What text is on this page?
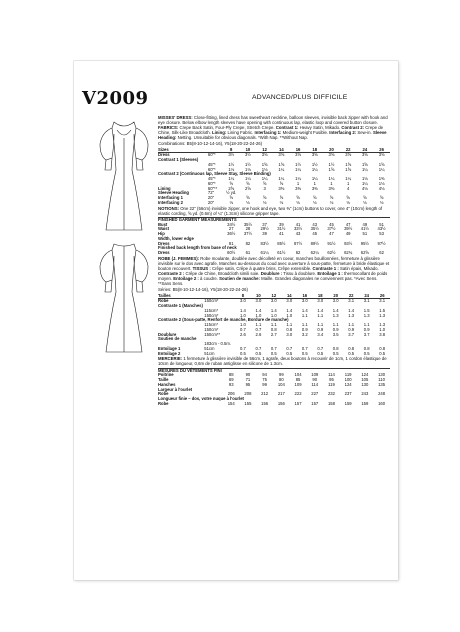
V2009	ADVANCED/PLUS DIFFICILE

MISSES' DRESS: Close-fitting, lined dress has sweetheart neckline, balloon sleeves, invisible back zipper with hook and eye closure. Below elbow length sleeves have opening with continuous lap, elastic loop and covered button closure. FABRICS: Crepe Back Satin, Four-Ply Crepe, Stretch Crepe. Contrast 1: Heavy Satin, Mikado. Contrast 2: Crepe de Chine, Silk-Like Broadcloth. Lining: Lining Fabric. Interfacing 1: Medium-weight Fusible. Interfacing 2: Sew-in. Sleeve Heading: Netting. Unsuitable for obvious diagonals. *With Nap. **Without Nap.

Combinations: B5(8-10-12-14-16), Y5(18-20-22-24-26)

Sizes		8	10	12	14	16	18	20	22	24	26
Dress	60"*	3½	3½	3⅝	3⅝	3⅝	3⅝	3⅝	3⅝	3⅝	3⅝
Contrast 1 (Sleeves)											
	45"*	1½	1½	1⅝	1⅝	1½	1½	1½	1⅝	1⅝	1⅝
	60"*	1⅛	1⅛	1⅛	1¼	1¼	1¼	1⅝	1⅝	1¼	1¼
Contrast 2 (Continuous lap, Sleeve Stay, Sleeve Binding)											
	45"*	1¼	1¼	1¼	1¼	1¼	1¼	1¼	1¼	1⅛	1⅜
	60"*	⅝	⅝	⅝	⅝	1	1	1	1	1¼	1⅛
Lining	60"**	2⅝	2⅝	3	3⅜	3⅜	3⅜	3⅜	4	4⅛	4⅛
Sleeve Heading	72"	½ yd.									
Interfacing 1	20"	⅝	⅝	⅝	⅝	⅝	⅝	⅝	⅝	⅝	⅝
Interfacing 2	20"	⅛	⅛	⅛	⅛	⅛	⅛	⅛	⅛	⅛	⅛

NOTIONS: One 22" (56cm) invisible zipper, one hook and eye, two ⅜" (1cm) buttons to cover, one 4" (10cm) length of elastic cording, ⅝ yd. (0.6m) of ¼" (1.3cm) silicone gripper tape.

FINISHED GARMENT MEASUREMENTS											
Bust		34½	35½	37	39	41	43	45	47	49	51
Waist		27	28	29½	31½	33½	35½	37½	39½	41½	43½
Hip		36½	37½	39	41	43	45	47	49	51	53
Width, lower edge											
Dress		81	82	83½	85½	87½	89½	91½	93½	95½	97½
Finished back length from base of neck											
Dress		60½	61	61¼	61½	62	62¼	62½	62¾	62⅝	62

ROBE (J. FEMMES): Robe moulante, doublée avec décolleté en coeur, manches bouillonnées, fermeture à glissière invisible sur le dos avec agrafe. Manches au-dessous du coud avec ouverture à sous-patte, fermeture à bride élastique et bouton recouvert. TISSUS : Crêpe satin, Crêpe à quatre brins, Crêpe extensible. Contraste 1 : Satin épais, Mikado. Contraste 2 : Crêpe de Chine, Broadcloth simili soie. Doublure : Tissu à doublure. Entoilage 1 : thermocollant de poids moyen. Entoilage 2 : à coudre. Soutien de manche: Maille. Grandes diagonales ne conviennent pas. *Avec Sens. **Sans Sens.

Séries: B5(8-10-12-14-16), Y5(18-20-22-24-26)

Tailles		8	10	12	14	16	18	20	22	24	26
Robe	150cm*	3.0	3.0	3.0	3.0	3.0	3.0	3.0	3.1	3.1	3.1
Contraste 1 (Manches)											
	115cm*	1.4	1.4	1.4	1.4	1.4	1.4	1.4	1.4	1.5	1.5
	150cm*	1.0	1.0	1.0	1.0	1.1	1.1	1.3	1.3	1.3	1.3
Contraste 2 (Sous-patte, Renfort de manche, Bordure de manche)											
	115cm*	1.0	1.1	1.1	1.1	1.1	1.1	1.1	1.1	1.1	1.3
	150cm*	0.7	0.7	0.8	0.8	0.9	0.9	0.9	0.9	0.9	1.0
Doublure	150cm**	2.6	2.6	2.7	3.0	3.2	3.4	3.5	3.7	3.7	3.8
Soutien de manche											
	183cm - 0.5m.										
Entoilage 1	51cm	0.7	0.7	0.7	0.7	0.7	0.7	0.8	0.8	0.8	0.8
Entoilage 2	51cm	0.5	0.5	0.5	0.5	0.5	0.5	0.5	0.5	0.5	0.5

MERCERIE: 1 fermeture à glissière invisible de 56cm, 1 agrafe, deux boutons à recouvrir de 1cm, 1 cordon élastique de 10cm de longueur, 0,6m de ruban antiglisse en silicone de 1.3cm.

MESURES DU VÊTEMENTS FINI											
Poitrine		88	90	94	99	104	109	114	119	124	130
Taille		69	71	75	80	85	90	95	100	105	110
Hanches		93	95	99	104	109	114	119	124	130	135
Largeur à l'ourlet											
Robe		206	208	212	217	222	227	232	237	243	248
Longueur finie – dos, votre nuque à l'ourlet											
Robe		154	155	156	156	157	157	158	159	159	160
